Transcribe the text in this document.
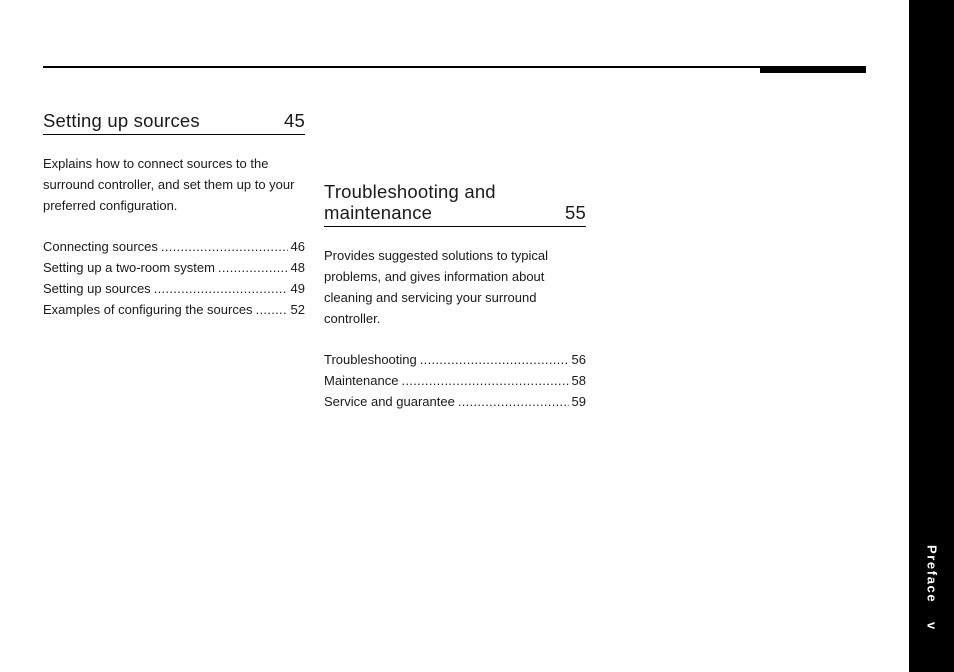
Setting up sources	45
Explains how to connect sources to the surround controller, and set them up to your preferred configuration.
Connecting sources .....	46
Setting up a two-room system .....	48
Setting up sources .....	49
Examples of configuring the sources .....	52
Troubleshooting and maintenance	55
Provides suggested solutions to typical problems, and gives information about cleaning and servicing your surround controller.
Troubleshooting .....	56
Maintenance .....	58
Service and guarantee .....	59
Preface
v
